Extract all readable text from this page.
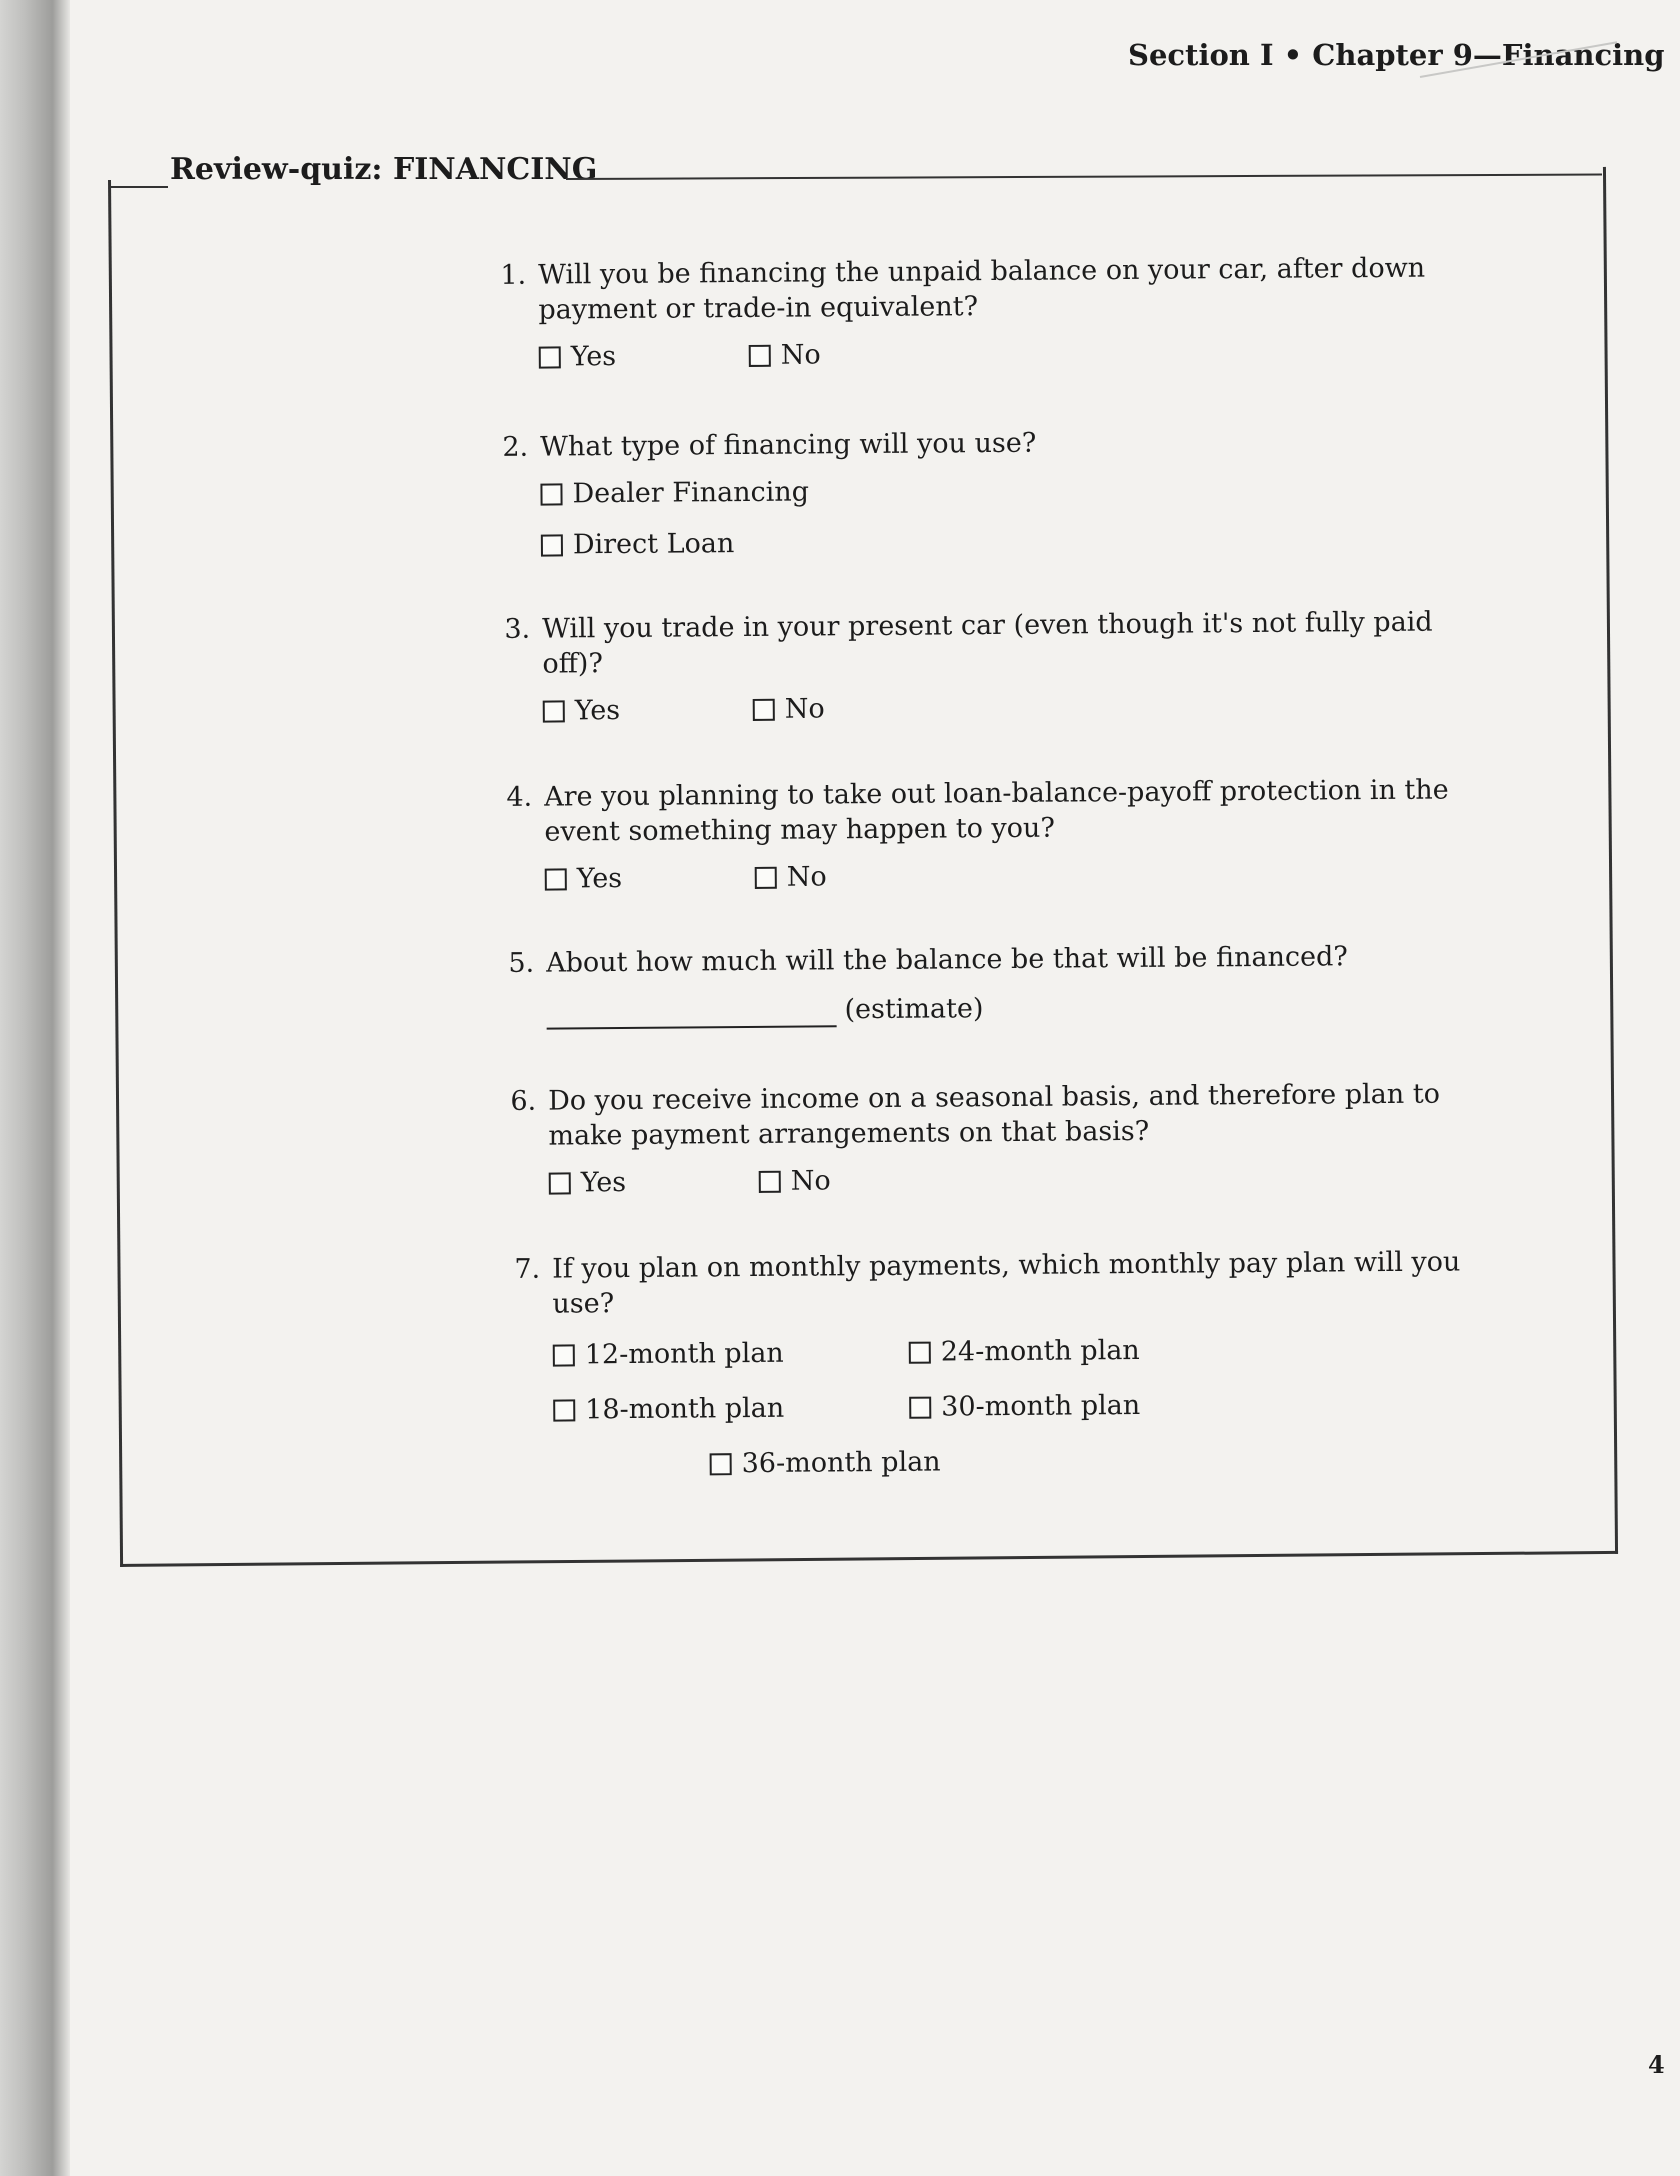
Section I • Chapter 9—Financing
Review-quiz: FINANCING
1. Will you be financing the unpaid balance on your car, after down payment or trade-in equivalent?
Yes	No
2. What type of financing will you use?
Dealer Financing
Direct Loan
3. Will you trade in your present car (even though it's not fully paid off)?
Yes	No
4. Are you planning to take out loan-balance-payoff protection in the event something may happen to you?
Yes	No
5. About how much will the balance be that will be financed?
(estimate)
6. Do you receive income on a seasonal basis, and therefore plan to make payment arrangements on that basis?
Yes	No
7. If you plan on monthly payments, which monthly pay plan will you use?
12-month plan	24-month plan
18-month plan	30-month plan
36-month plan
4
